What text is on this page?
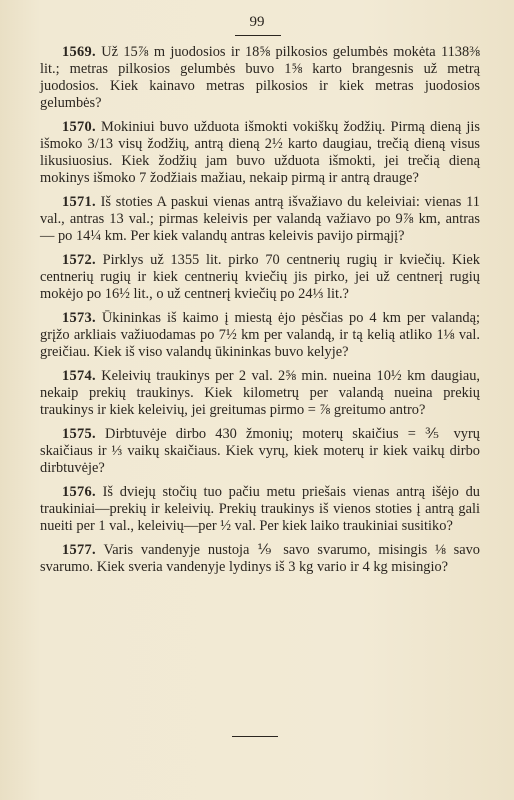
99

1569. Už 15⅞ m juodosios ir 18⅝ pilkosios gelumbės mokėta 1138⅜ lit.; metras pilkosios gelumbės buvo 1⅝ karto brangesnis už metrą juodosios. Kiek kainavo metras pilkosios ir kiek metras juodosios gelumbės?

1570. Mokiniui buvo užduota išmokti vokiškų žodžių. Pirmą dieną jis išmoko 3/13 visų žodžių, antrą dieną 2½ karto daugiau, trečią dieną visus likusiuosius. Kiek žodžių jam buvo užduota išmokti, jei trečią dieną mokinys išmoko 7 žodžiais mažiau, nekaip pirmą ir antrą drauge?

1571. Iš stoties A paskui vienas antrą išvažiavo du keleiviai: vienas 11 val., antras 13 val.; pirmas keleivis per valandą važiavo po 9⅞ km, antras — po 14¼ km. Per kiek valandų antras keleivis pavijo pirmąjį?

1572. Pirklys už 1355 lit. pirko 70 centnerių rugių ir kviečių. Kiek centnerių rugių ir kiek centnerių kviečių jis pirko, jei už centnerį rugių mokėjo po 16½ lit., o už centnerį kviečių po 24⅓ lit.?

1573. Ūkininkas iš kaimo į miestą ėjo pėsčias po 4 km per valandą; grįžo arkliais važiuodamas po 7½ km per valandą, ir tą kelią atliko 1⅛ val. greičiau. Kiek iš viso valandų ūkininkas buvo kelyje?

1574. Keleivių traukinys per 2 val. 2⅝ min. nueina 10½ km daugiau, nekaip prekių traukinys. Kiek kilometrų per valandą nueina prekių traukinys ir kiek keleivių, jei greitumas pirmo = ⅞ greitumo antro?

1575. Dirbtuvėje dirbo 430 žmonių; moterų skaičius = ⅗ vyrų skaičiaus ir ⅓ vaikų skaičiaus. Kiek vyrų, kiek moterų ir kiek vaikų dirbo dirbtuvėje?

1576. Iš dviejų stočių tuo pačiu metu priešais vienas antrą išėjo du traukiniai—prekių ir keleivių. Prekių traukinys iš vienos stoties į antrą gali nueiti per 1 val., keleivių—per ½ val. Per kiek laiko traukiniai susitiko?

1577. Varis vandenyje nustoja ⅑ savo svarumo, misingis ⅛ savo svarumo. Kiek sveria vandenyje lydinys iš 3 kg vario ir 4 kg misingio?
